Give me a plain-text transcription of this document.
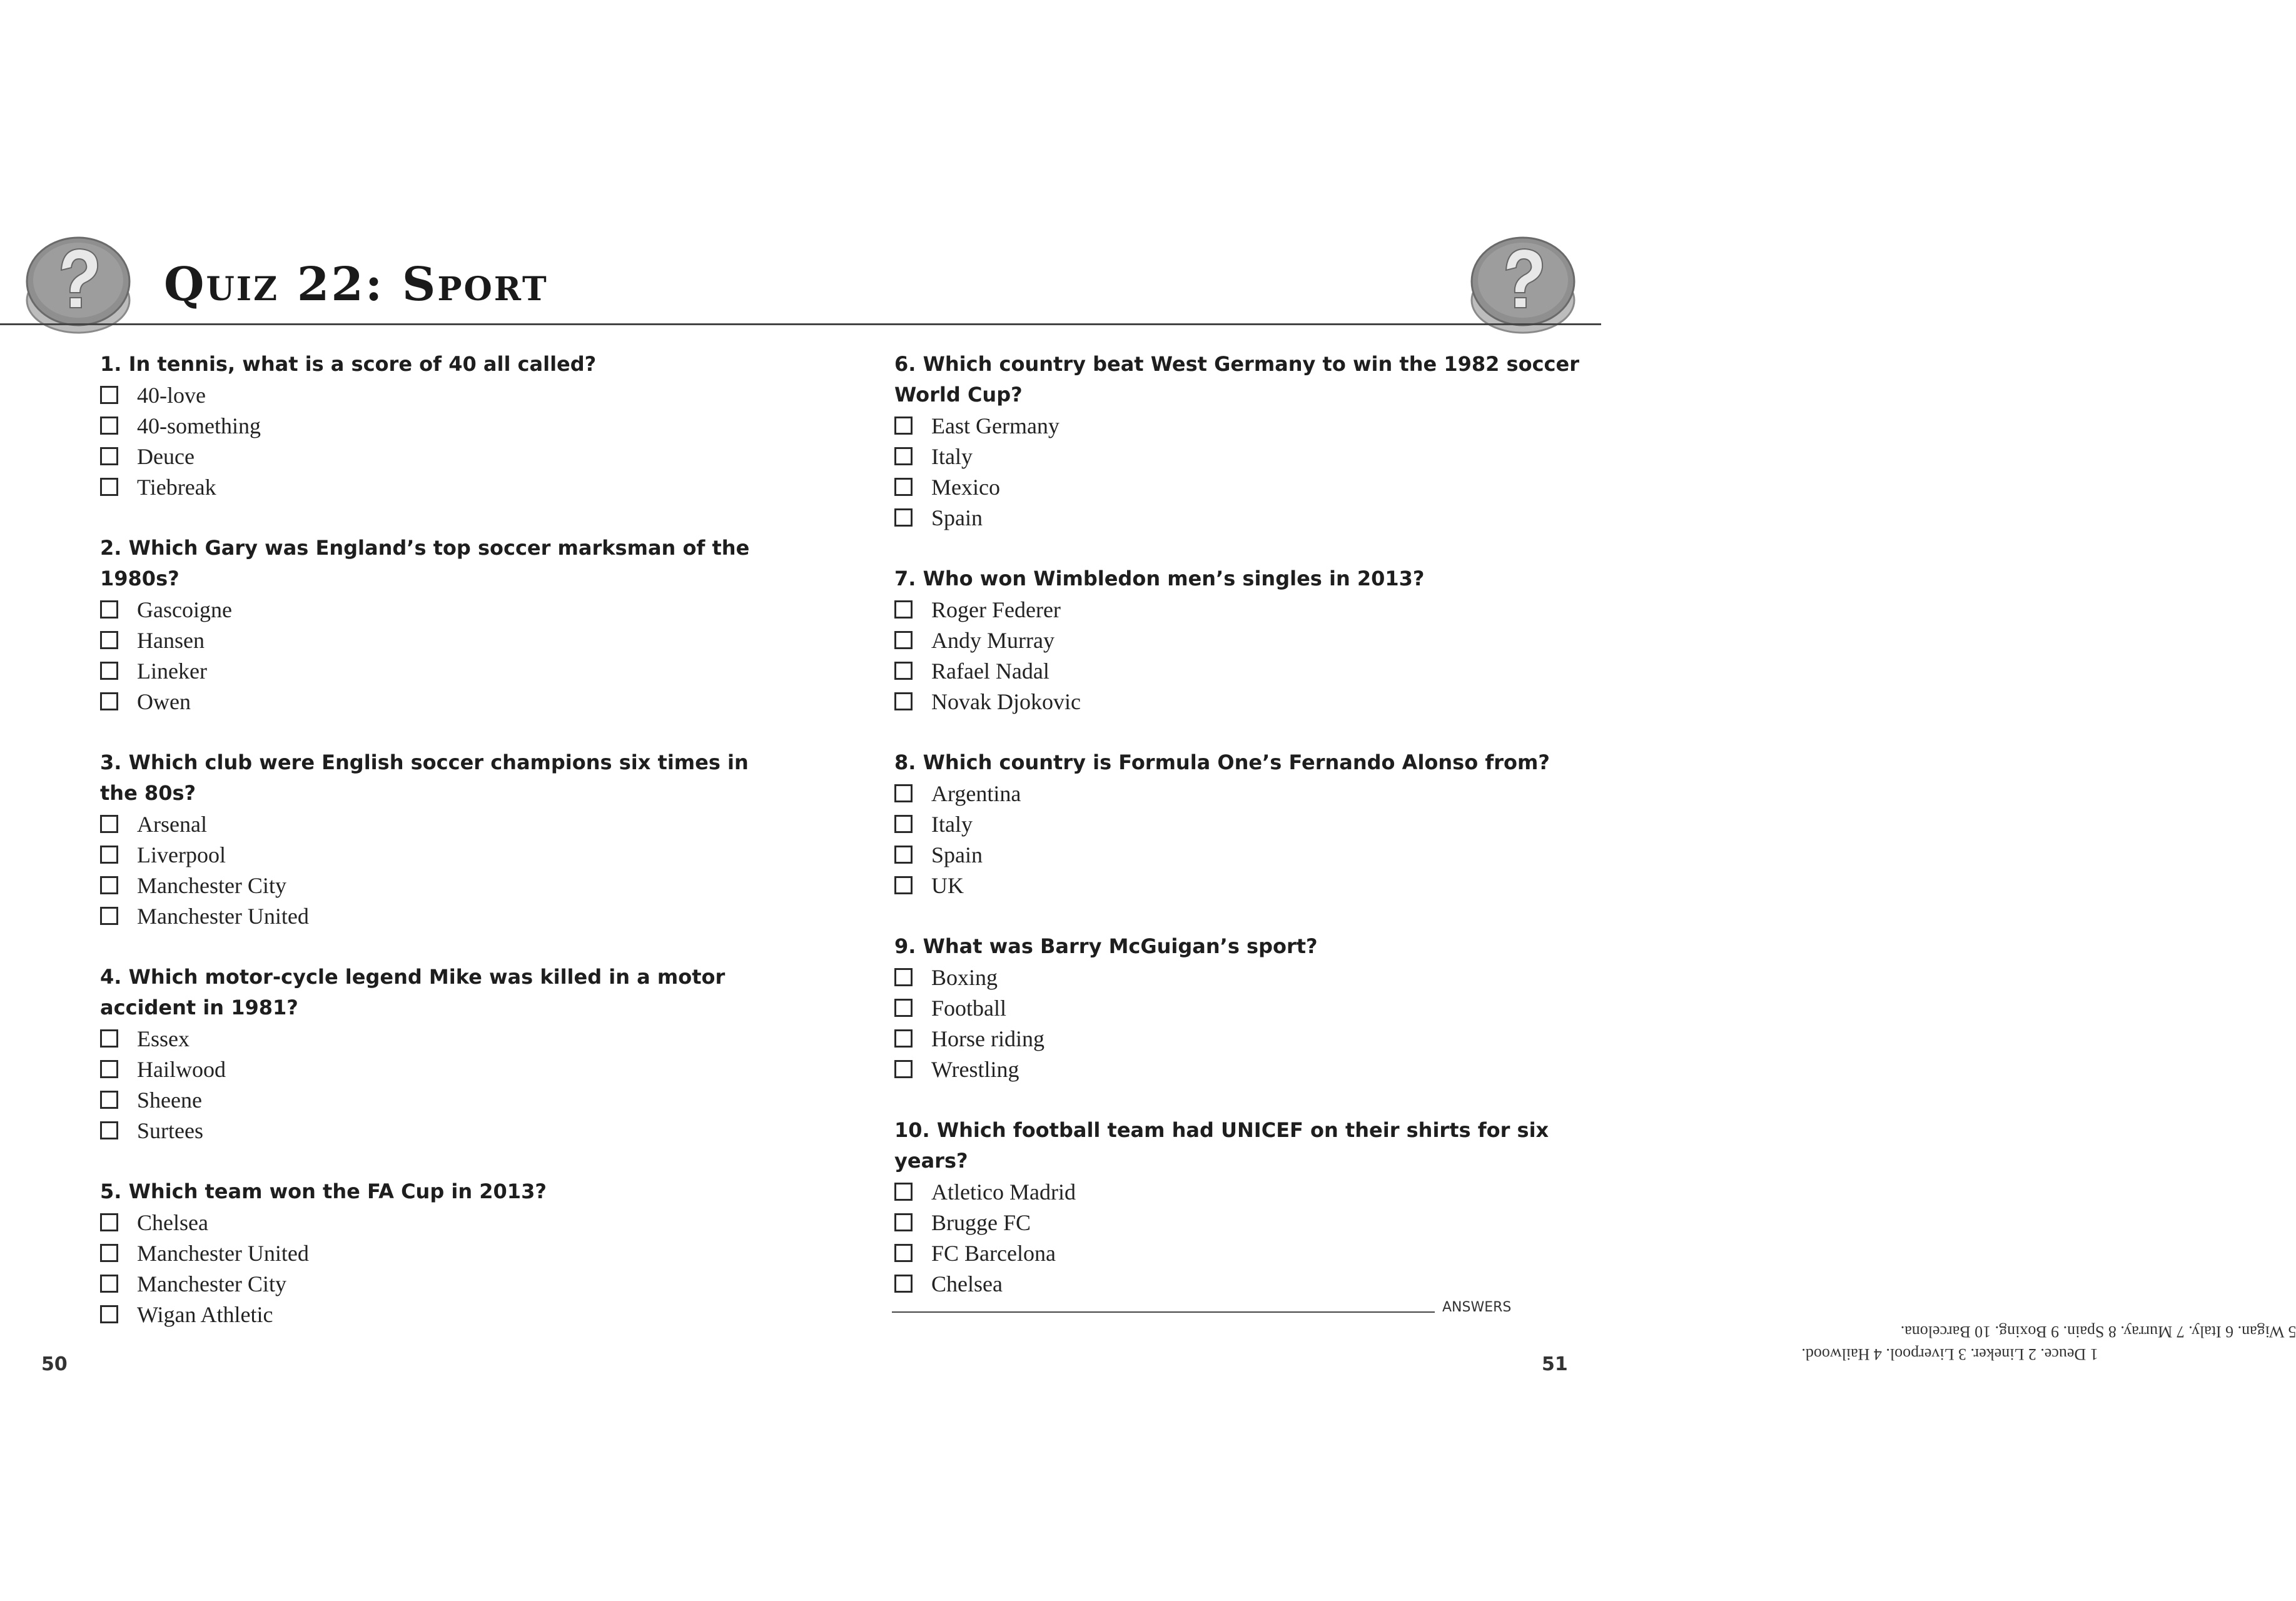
Quiz 22: Sport

1. In tennis, what is a score of 40 all called?

40-love
40-something
Deuce
Tiebreak

2. Which Gary was England’s top soccer marksman of the 1980s?

Gascoigne
Hansen
Lineker
Owen

3. Which club were English soccer champions six times in the 80s?

Arsenal
Liverpool
Manchester City
Manchester United

4. Which motor-cycle legend Mike was killed in a motor accident in 1981?

Essex
Hailwood
Sheene
Surtees

5. Which team won the FA Cup in 2013?

Chelsea
Manchester United
Manchester City
Wigan Athletic

6. Which country beat West Germany to win the 1982 soccer World Cup?

East Germany
Italy
Mexico
Spain

7. Who won Wimbledon men’s singles in 2013?

Roger Federer
Andy Murray
Rafael Nadal
Novak Djokovic

8. Which country is Formula One’s Fernando Alonso from?

Argentina
Italy
Spain
UK

9. What was Barry McGuigan’s sport?

Boxing
Football
Horse riding
Wrestling

10. Which football team had UNICEF on their shirts for six years?

Atletico Madrid
Brugge FC
FC Barcelona
Chelsea
ANSWERS
5 Wigan. 6 Italy. 7 Murray. 8 Spain. 9 Boxing. 10 Barcelona.
1 Deuce. 2 Lineker. 3 Liverpool. 4 Hailwood.
50	51
